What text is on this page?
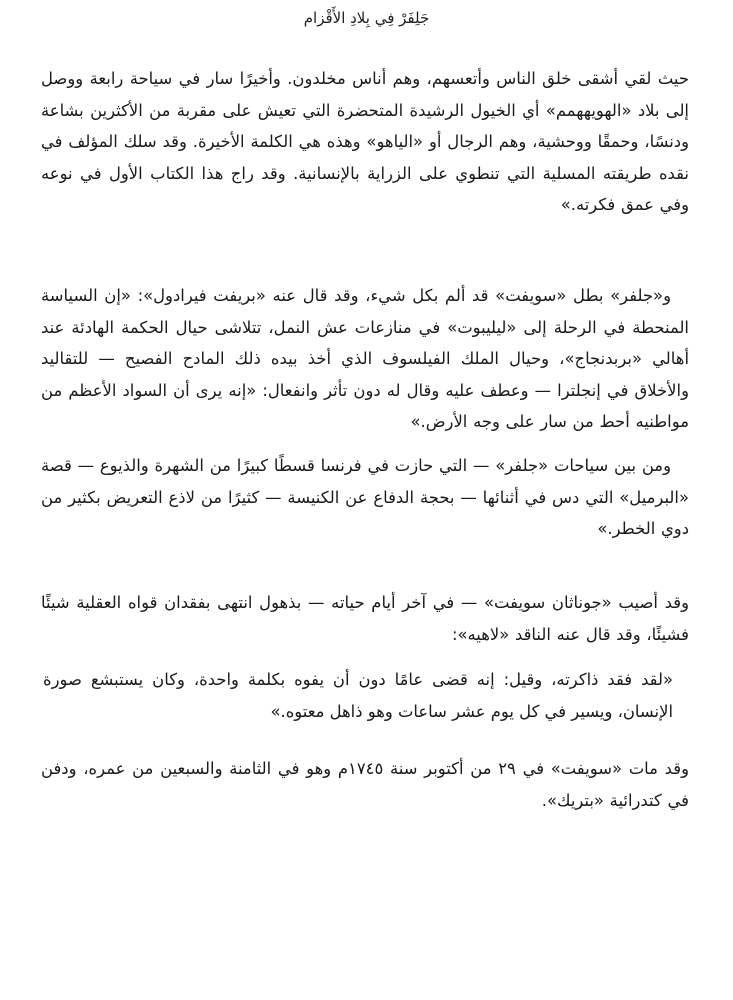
جَلِفَرْ فِي بِلادِ الأَقْزام

حيث لقي أشقى خلق الناس وأتعسهم، وهم أناس مخلدون. وأخيرًا سار في سياحة رابعة ووصل إلى بلاد «الهويههمم» أي الخيول الرشيدة المتحضرة التي تعيش على مقربة من الأكثرين بشاعة ودنسًا، وحمقًا ووحشية، وهم الرجال أو «الياهو» وهذه هي الكلمة الأخيرة. وقد سلك المؤلف في نقده طريقته المسلية التي تنطوي على الزراية بالإنسانية. وقد راج هذا الكتاب الأول في نوعه وفي عمق فكرته.»

و«جلفر» بطل «سويفت» قد ألم بكل شيء، وقد قال عنه «بريفت فيرادول»: «إن السياسة المنحطة في الرحلة إلى «ليليبوت» في منازعات عش النمل، تتلاشى حيال الحكمة الهادئة عند أهالي «بربدنجاج»، وحيال الملك الفيلسوف الذي أخذ بيده ذلك المادح الفصيح — للتقاليد والأخلاق في إنجلترا — وعطف عليه وقال له دون تأثر وانفعال: «إنه يرى أن السواد الأعظم من مواطنيه أحط من سار على وجه الأرض.»

ومن بين سياحات «جلفر» — التي حازت في فرنسا قسطًا كبيرًا من الشهرة والذيوع — قصة «البرميل» التي دس في أثنائها — بحجة الدفاع عن الكنيسة — كثيرًا من لاذع التعريض بكثير من دوي الخطر.»

وقد أصيب «جوناثان سويفت» — في آخر أيام حياته — بذهول انتهى بفقدان قواه العقلية شيئًا فشيئًا، وقد قال عنه الناقد «لاهيه»:

«لقد فقد ذاكرته، وقيل: إنه قضى عامًا دون أن يفوه بكلمة واحدة، وكان يستبشع صورة الإنسان، ويسير في كل يوم عشر ساعات وهو ذاهل معتوه.»

وقد مات «سويفت» في ٢٩ من أكتوبر سنة ١٧٤٥م وهو في الثامنة والسبعين من عمره، ودفن في كتدرائية «بتريك».
